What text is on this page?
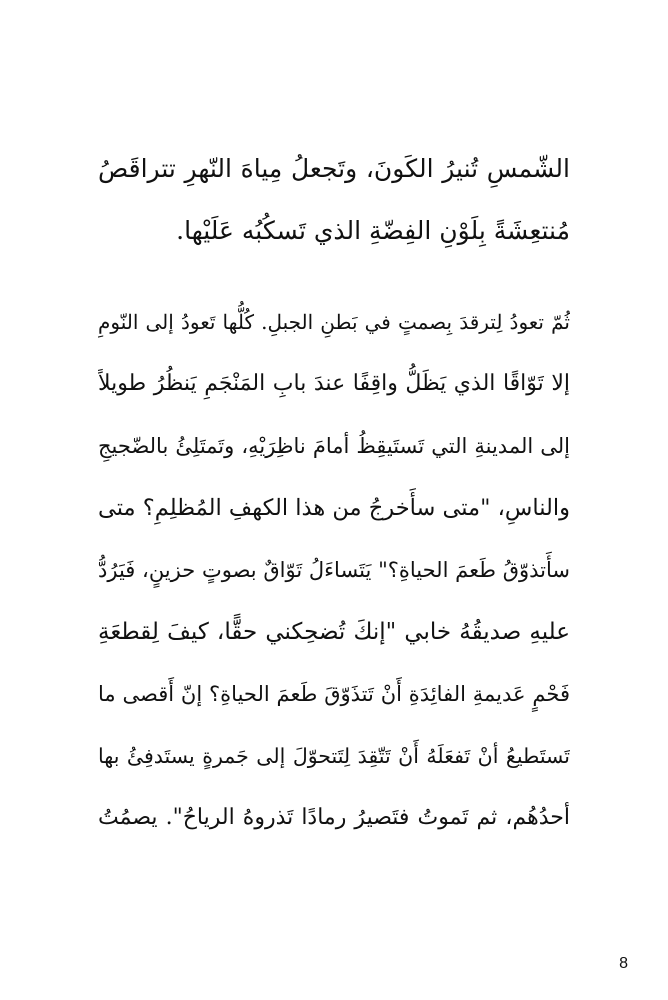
الشّمسِ تُنيرُ الكَونَ، وتَجعلُ مِياهَ النّهرِ تتراقَصُ
مُنتعِشَةً بِلَوْنِ الفِضّةِ الذي تَسكُبُه عَلَيْها.
ثُمّ تعودُ لِترقدَ بِصمتٍ في بَطنِ الجبلِ. كُلُّها تَعودُ إلى النّومِ
إلا تَوّاقًا الذي يَظَلُّ واقِفًا عندَ بابِ المَنْجَمِ يَنظُرُ طويلاً
إلى المدينةِ التي تَستَيقِظُ أمامَ ناظِرَيْهِ، وتَمتَلِئُ بالضّجيجِ
والناسِ، "متى سأَخرجُ من هذا الكهفِ المُظلِمِ؟ متى
سأَتذوّقُ طَعمَ الحياةِ؟" يَتَساءَلُ تَوّاقٌ بصوتٍ حزينٍ، فَيَرُدُّ
عليهِ صديقُهُ خابي "إنكَ تُضحِكني حقًّا، كيفَ لِقطعَةِ
فَحْمٍ عَديمةِ الفائِدَةِ أَنْ تَتذَوّقَ طَعمَ الحياةِ؟ إنّ أَقصى ما
تَستَطيعُ أنْ تَفعَلَهُ أَنْ تَتّقِدَ لِتَتحوّلَ إلى جَمرةٍ يستَدفِئُ بها
أحدُهُم، ثم تَموتُ فتَصيرُ رمادًا تَذروهُ الرياحُ". يصمُتُ
8
